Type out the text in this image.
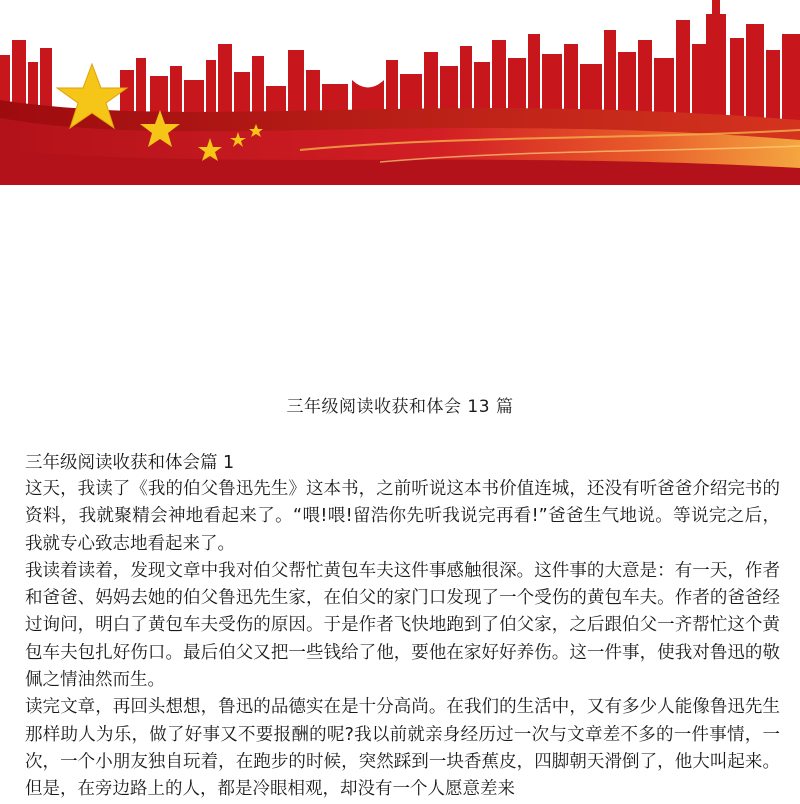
三年级阅读收获和体会 13 篇

三年级阅读收获和体会篇 1

这天，我读了《我的伯父鲁迅先生》这本书，之前听说这本书价值连城，还没有听爸爸介绍完书的资料，我就聚精会神地看起来了。“喂!喂!留浩你先听我说完再看!”爸爸生气地说。等说完之后，我就专心致志地看起来了。

我读着读着，发现文章中我对伯父帮忙黄包车夫这件事感触很深。这件事的大意是：有一天，作者和爸爸、妈妈去她的伯父鲁迅先生家，在伯父的家门口发现了一个受伤的黄包车夫。作者的爸爸经过询问，明白了黄包车夫受伤的原因。于是作者飞快地跑到了伯父家，之后跟伯父一齐帮忙这个黄包车夫包扎好伤口。最后伯父又把一些钱给了他，要他在家好好养伤。这一件事，使我对鲁迅的敬佩之情油然而生。

读完文章，再回头想想，鲁迅的品德实在是十分高尚。在我们的生活中，又有多少人能像鲁迅先生那样助人为乐，做了好事又不要报酬的呢?我以前就亲身经历过一次与文章差不多的一件事情，一次，一个小朋友独自玩着，在跑步的时候，突然踩到一块香蕉皮，四脚朝天滑倒了，他大叫起来。但是，在旁边路上的人，都是冷眼相观，却没有一个人愿意差来
